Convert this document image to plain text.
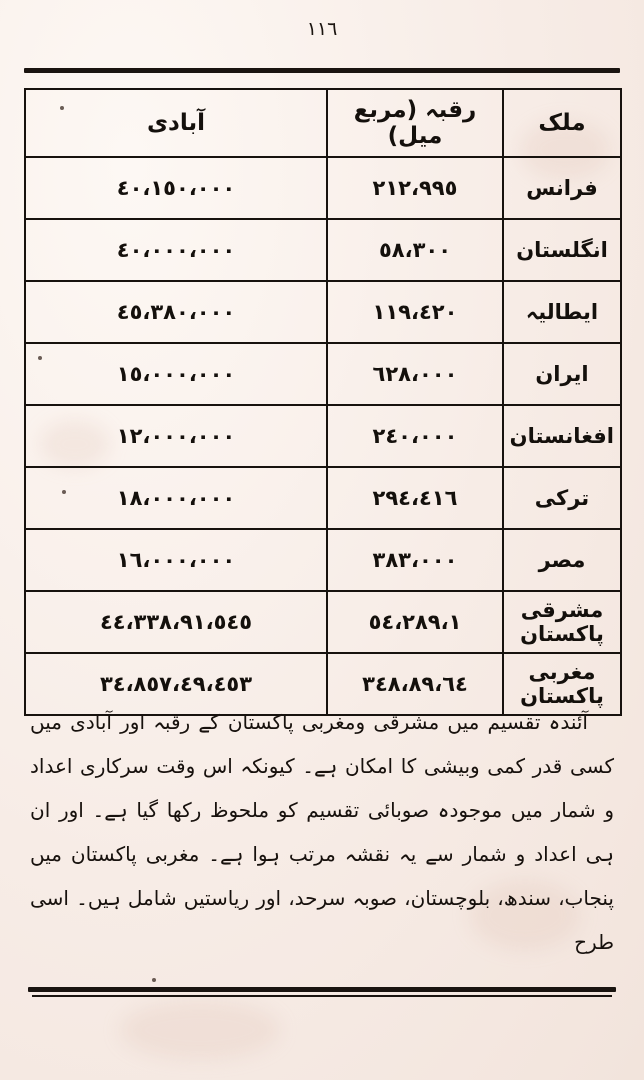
١١٦
ملک	رقبہ (مربع میل)	آبادی
فرانس	٢١٢،٩٩٥	٤٠،١٥٠،٠٠٠
انگلستان	٥٨،٣٠٠	٤٠،٠٠٠،٠٠٠
ایطالیہ	١١٩،٤٢٠	٤٥،٣٨٠،٠٠٠
ایران	٦٢٨،٠٠٠	١٥،٠٠٠،٠٠٠
افغانستان	٢٤٠،٠٠٠	١٢،٠٠٠،٠٠٠
ترکی	٢٩٤،٤١٦	١٨،٠٠٠،٠٠٠
مصر	٣٨٣،٠٠٠	١٦،٠٠٠،٠٠٠
مشرقی پاکستان	٥٤،٢٨٩،١	٤٤،٣٣٨،٩١،٥٤٥
مغربی پاکستان	٣٤٨،٨٩،٦٤	٣٤،٨٥٧،٤٩،٤٥٣

آئندہ تقسیم میں مشرقی ومغربی پاکستان کے رقبہ اور آبادی میں کسی قدر کمی وبیشی کا امکان ہے۔ کیونکہ اس وقت سرکاری اعداد و شمار میں موجودہ صوبائی تقسیم کو ملحوظ رکھا گیا ہے۔ اور ان ہی اعداد و شمار سے یہ نقشہ مرتب ہوا ہے۔ مغربی پاکستان میں پنجاب، سندھ، بلوچستان، صوبہ سرحد، اور ریاستیں شامل ہیں۔ اسی طرح
